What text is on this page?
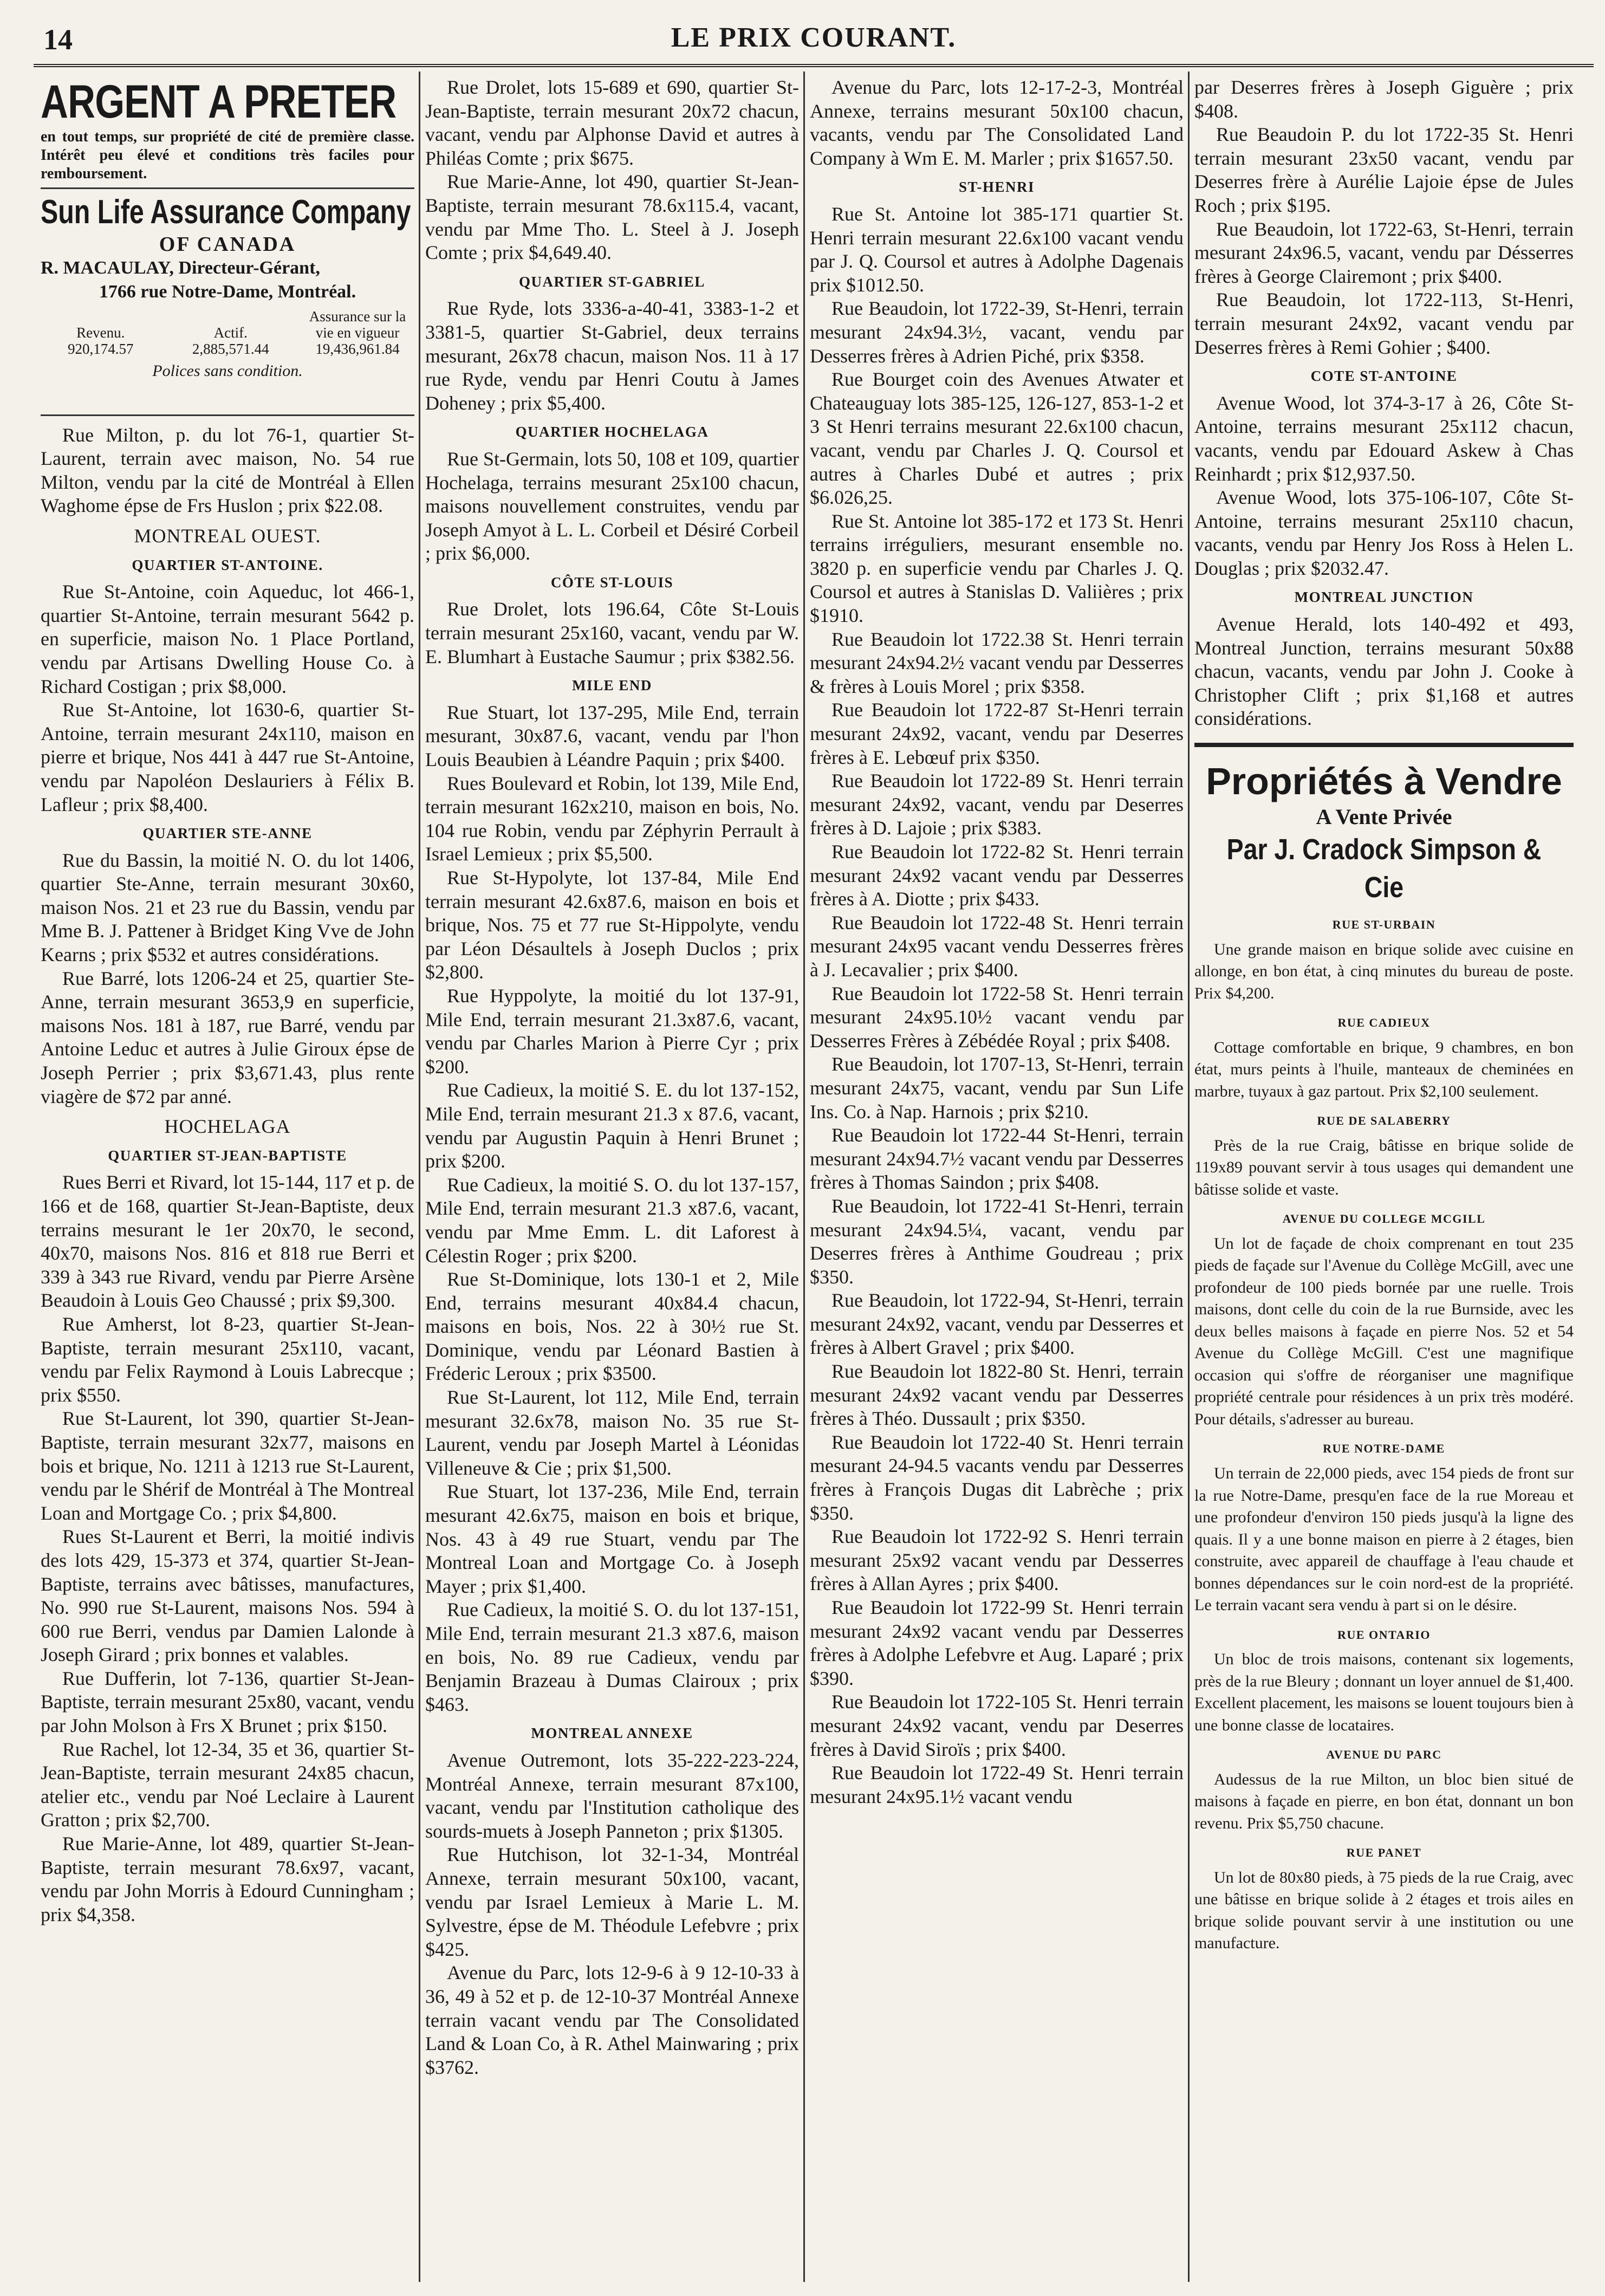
14	LE PRIX COURANT.
ARGENT A PRETER
en tout temps, sur propriété de cité de première classe. Intérêt peu élevé et conditions très faciles pour remboursement.
Sun Life Assurance Company
OF CANADA
R. MACAULAY, Directeur-Gérant,
1766 rue Notre-Dame, Montréal.
Revenu.	Actif.	Assurance sur la vie en vigueur
920,174.57	2,885,571.44	19,436,961.84
Polices sans condition.

Rue Milton, p. du lot 76-1, quartier St-Laurent, terrain avec maison, No. 54 rue Milton, vendu par la cité de Montréal à Ellen Waghome épse de Frs Huslon ; prix $22.08.

MONTREAL OUEST.
QUARTIER ST-ANTOINE.

Rue St-Antoine, coin Aqueduc, lot 466-1, quartier St-Antoine, terrain mesurant 5642 p. en superficie, maison No. 1 Place Portland, vendu par Artisans Dwelling House Co. à Richard Costigan ; prix $8,000.

Rue St-Antoine, lot 1630-6, quartier St-Antoine, terrain mesurant 24x110, maison en pierre et brique, Nos 441 à 447 rue St-Antoine, vendu par Napoléon Deslauriers à Félix B. Lafleur ; prix $8,400.

QUARTIER STE-ANNE

Rue du Bassin, la moitié N. O. du lot 1406, quartier Ste-Anne, terrain mesurant 30x60, maison Nos. 21 et 23 rue du Bassin, vendu par Mme B. J. Pattener à Bridget King Vve de John Kearns ; prix $532 et autres considérations.

Rue Barré, lots 1206-24 et 25, quartier Ste-Anne, terrain mesurant 3653,9 en superficie, maisons Nos. 181 à 187, rue Barré, vendu par Antoine Leduc et autres à Julie Giroux épse de Joseph Perrier ; prix $3,671.43, plus rente viagère de $72 par anné.

HOCHELAGA
QUARTIER ST-JEAN-BAPTISTE

Rues Berri et Rivard, lot 15-144, 117 et p. de 166 et de 168, quartier St-Jean-Baptiste, deux terrains mesurant le 1er 20x70, le second, 40x70, maisons Nos. 816 et 818 rue Berri et 339 à 343 rue Rivard, vendu par Pierre Arsène Beaudoin à Louis Geo Chaussé ; prix $9,300.

Rue Amherst, lot 8-23, quartier St-Jean-Baptiste, terrain mesurant 25x110, vacant, vendu par Felix Raymond à Louis Labrecque ; prix $550.

Rue St-Laurent, lot 390, quartier St-Jean-Baptiste, terrain mesurant 32x77, maisons en bois et brique, No. 1211 à 1213 rue St-Laurent, vendu par le Shérif de Montréal à The Montreal Loan and Mortgage Co. ; prix $4,800.

Rues St-Laurent et Berri, la moitié indivis des lots 429, 15-373 et 374, quartier St-Jean-Baptiste, terrains avec bâtisses, manufactures, No. 990 rue St-Laurent, maisons Nos. 594 à 600 rue Berri, vendus par Damien Lalonde à Joseph Girard ; prix bonnes et valables.

Rue Dufferin, lot 7-136, quartier St-Jean-Baptiste, terrain mesurant 25x80, vacant, vendu par John Molson à Frs X Brunet ; prix $150.

Rue Rachel, lot 12-34, 35 et 36, quartier St-Jean-Baptiste, terrain mesurant 24x85 chacun, atelier etc., vendu par Noé Leclaire à Laurent Gratton ; prix $2,700.

Rue Marie-Anne, lot 489, quartier St-Jean-Baptiste, terrain mesurant 78.6x97, vacant, vendu par John Morris à Edourd Cunningham ; prix $4,358.

Rue Drolet, lots 15-689 et 690, quartier St-Jean-Baptiste, terrain mesurant 20x72 chacun, vacant, vendu par Alphonse David et autres à Philéas Comte ; prix $675.

Rue Marie-Anne, lot 490, quartier St-Jean-Baptiste, terrain mesurant 78.6x115.4, vacant, vendu par Mme Tho. L. Steel à J. Joseph Comte ; prix $4,649.40.

QUARTIER ST-GABRIEL

Rue Ryde, lots 3336-a-40-41, 3383-1-2 et 3381-5, quartier St-Gabriel, deux terrains mesurant, 26x78 chacun, maison Nos. 11 à 17 rue Ryde, vendu par Henri Coutu à James Doheney ; prix $5,400.

QUARTIER HOCHELAGA

Rue St-Germain, lots 50, 108 et 109, quartier Hochelaga, terrains mesurant 25x100 chacun, maisons nouvellement construites, vendu par Joseph Amyot à L. L. Corbeil et Désiré Corbeil ; prix $6,000.

CÔTE ST-LOUIS

Rue Drolet, lots 196.64, Côte St-Louis terrain mesurant 25x160, vacant, vendu par W. E. Blumhart à Eustache Saumur ; prix $382.56.

MILE END

Rue Stuart, lot 137-295, Mile End, terrain mesurant, 30x87.6, vacant, vendu par l'hon Louis Beaubien à Léandre Paquin ; prix $400.

Rues Boulevard et Robin, lot 139, Mile End, terrain mesurant 162x210, maison en bois, No. 104 rue Robin, vendu par Zéphyrin Perrault à Israel Lemieux ; prix $5,500.

Rue St-Hypolyte, lot 137-84, Mile End terrain mesurant 42.6x87.6, maison en bois et brique, Nos. 75 et 77 rue St-Hippolyte, vendu par Léon Désaultels à Joseph Duclos ; prix $2,800.

Rue Hyppolyte, la moitié du lot 137-91, Mile End, terrain mesurant 21.3x87.6, vacant, vendu par Charles Marion à Pierre Cyr ; prix $200.

Rue Cadieux, la moitié S. E. du lot 137-152, Mile End, terrain mesurant 21.3 x 87.6, vacant, vendu par Augustin Paquin à Henri Brunet ; prix $200.

Rue Cadieux, la moitié S. O. du lot 137-157, Mile End, terrain mesurant 21.3 x87.6, vacant, vendu par Mme Emm. L. dit Laforest à Célestin Roger ; prix $200.

Rue St-Dominique, lots 130-1 et 2, Mile End, terrains mesurant 40x84.4 chacun, maisons en bois, Nos. 22 à 30½ rue St. Dominique, vendu par Léonard Bastien à Fréderic Leroux ; prix $3500.

Rue St-Laurent, lot 112, Mile End, terrain mesurant 32.6x78, maison No. 35 rue St-Laurent, vendu par Joseph Martel à Léonidas Villeneuve & Cie ; prix $1,500.

Rue Stuart, lot 137-236, Mile End, terrain mesurant 42.6x75, maison en bois et brique, Nos. 43 à 49 rue Stuart, vendu par The Montreal Loan and Mortgage Co. à Joseph Mayer ; prix $1,400.

Rue Cadieux, la moitié S. O. du lot 137-151, Mile End, terrain mesurant 21.3 x87.6, maison en bois, No. 89 rue Cadieux, vendu par Benjamin Brazeau à Dumas Clairoux ; prix $463.

MONTREAL ANNEXE

Avenue Outremont, lots 35-222-223-224, Montréal Annexe, terrain mesurant 87x100, vacant, vendu par l'Institution catholique des sourds-muets à Joseph Panneton ; prix $1305.

Rue Hutchison, lot 32-1-34, Montréal Annexe, terrain mesurant 50x100, vacant, vendu par Israel Lemieux à Marie L. M. Sylvestre, épse de M. Théodule Lefebvre ; prix $425.

Avenue du Parc, lots 12-9-6 à 9 12-10-33 à 36, 49 à 52 et p. de 12-10-37 Montréal Annexe terrain vacant vendu par The Consolidated Land & Loan Co, à R. Athel Mainwaring ; prix $3762.

Avenue du Parc, lots 12-17-2-3, Montréal Annexe, terrains mesurant 50x100 chacun, vacants, vendu par The Consolidated Land Company à Wm E. M. Marler ; prix $1657.50.

ST-HENRI

Rue St. Antoine lot 385-171 quartier St. Henri terrain mesurant 22.6x100 vacant vendu par J. Q. Coursol et autres à Adolphe Dagenais prix $1012.50.

Rue Beaudoin, lot 1722-39, St-Henri, terrain mesurant 24x94.3½, vacant, vendu par Desserres frères à Adrien Piché, prix $358.

Rue Bourget coin des Avenues Atwater et Chateauguay lots 385-125, 126-127, 853-1-2 et 3 St Henri terrains mesurant 22.6x100 chacun, vacant, vendu par Charles J. Q. Coursol et autres à Charles Dubé et autres ; prix $6.026,25.

Rue St. Antoine lot 385-172 et 173 St. Henri terrains irréguliers, mesurant ensemble no. 3820 p. en superficie vendu par Charles J. Q. Coursol et autres à Stanislas D. Valiières ; prix $1910.

Rue Beaudoin lot 1722.38 St. Henri terrain mesurant 24x94.2½ vacant vendu par Desserres & frères à Louis Morel ; prix $358.

Rue Beaudoin lot 1722-87 St-Henri terrain mesurant 24x92, vacant, vendu par Deserres frères à E. Lebœuf prix $350.

Rue Beaudoin lot 1722-89 St. Henri terrain mesurant 24x92, vacant, vendu par Deserres frères à D. Lajoie ; prix $383.

Rue Beaudoin lot 1722-82 St. Henri terrain mesurant 24x92 vacant vendu par Desserres frères à A. Diotte ; prix $433.

Rue Beaudoin lot 1722-48 St. Henri terrain mesurant 24x95 vacant vendu Desserres frères à J. Lecavalier ; prix $400.

Rue Beaudoin lot 1722-58 St. Henri terrain mesurant 24x95.10½ vacant vendu par Desserres Frères à Zébédée Royal ; prix $408.

Rue Beaudoin, lot 1707-13, St-Henri, terrain mesurant 24x75, vacant, vendu par Sun Life Ins. Co. à Nap. Harnois ; prix $210.

Rue Beaudoin lot 1722-44 St-Henri, terrain mesurant 24x94.7½ vacant vendu par Desserres frères à Thomas Saindon ; prix $408.

Rue Beaudoin, lot 1722-41 St-Henri, terrain mesurant 24x94.5¼, vacant, vendu par Deserres frères à Anthime Goudreau ; prix $350.

Rue Beaudoin, lot 1722-94, St-Henri, terrain mesurant 24x92, vacant, vendu par Desserres et frères à Albert Gravel ; prix $400.

Rue Beaudoin lot 1822-80 St. Henri, terrain mesurant 24x92 vacant vendu par Desserres frères à Théo. Dussault ; prix $350.

Rue Beaudoin lot 1722-40 St. Henri terrain mesurant 24-94.5 vacants vendu par Desserres frères à François Dugas dit Labrèche ; prix $350.

Rue Beaudoin lot 1722-92 S. Henri terrain mesurant 25x92 vacant vendu par Desserres frères à Allan Ayres ; prix $400.

Rue Beaudoin lot 1722-99 St. Henri terrain mesurant 24x92 vacant vendu par Desserres frères à Adolphe Lefebvre et Aug. Laparé ; prix $390.

Rue Beaudoin lot 1722-105 St. Henri terrain mesurant 24x92 vacant, vendu par Deserres frères à David Siroïs ; prix $400.

Rue Beaudoin lot 1722-49 St. Henri terrain mesurant 24x95.1½ vacant vendu

par Deserres frères à Joseph Giguère ; prix $408.

Rue Beaudoin P. du lot 1722-35 St. Henri terrain mesurant 23x50 vacant, vendu par Deserres frère à Aurélie Lajoie épse de Jules Roch ; prix $195.

Rue Beaudoin, lot 1722-63, St-Henri, terrain mesurant 24x96.5, vacant, vendu par Désserres frères à George Clairemont ; prix $400.

Rue Beaudoin, lot 1722-113, St-Henri, terrain mesurant 24x92, vacant vendu par Deserres frères à Remi Gohier ; $400.

COTE ST-ANTOINE

Avenue Wood, lot 374-3-17 à 26, Côte St-Antoine, terrains mesurant 25x112 chacun, vacants, vendu par Edouard Askew à Chas Reinhardt ; prix $12,937.50.

Avenue Wood, lots 375-106-107, Côte St-Antoine, terrains mesurant 25x110 chacun, vacants, vendu par Henry Jos Ross à Helen L. Douglas ; prix $2032.47.

MONTREAL JUNCTION

Avenue Herald, lots 140-492 et 493, Montreal Junction, terrains mesurant 50x88 chacun, vacants, vendu par John J. Cooke à Christopher Clift ; prix $1,168 et autres considérations.

Propriétés à Vendre
A Vente Privée
Par J. Cradock Simpson & Cie
RUE ST-URBAIN

Une grande maison en brique solide avec cuisine en allonge, en bon état, à cinq minutes du bureau de poste. Prix $4,200.

RUE CADIEUX

Cottage comfortable en brique, 9 chambres, en bon état, murs peints à l'huile, manteaux de cheminées en marbre, tuyaux à gaz partout. Prix $2,100 seulement.

RUE DE SALABERRY

Près de la rue Craig, bâtisse en brique solide de 119x89 pouvant servir à tous usages qui demandent une bâtisse solide et vaste.

AVENUE DU COLLEGE MCGILL

Un lot de façade de choix comprenant en tout 235 pieds de façade sur l'Avenue du Collège McGill, avec une profondeur de 100 pieds bornée par une ruelle. Trois maisons, dont celle du coin de la rue Burnside, avec les deux belles maisons à façade en pierre Nos. 52 et 54 Avenue du Collège McGill. C'est une magnifique occasion qui s'offre de réorganiser une magnifique propriété centrale pour résidences à un prix très modéré. Pour détails, s'adresser au bureau.

RUE NOTRE-DAME

Un terrain de 22,000 pieds, avec 154 pieds de front sur la rue Notre-Dame, presqu'en face de la rue Moreau et une profondeur d'environ 150 pieds jusqu'à la ligne des quais. Il y a une bonne maison en pierre à 2 étages, bien construite, avec appareil de chauffage à l'eau chaude et bonnes dépendances sur le coin nord-est de la propriété. Le terrain vacant sera vendu à part si on le désire.

RUE ONTARIO

Un bloc de trois maisons, contenant six logements, près de la rue Bleury ; donnant un loyer annuel de $1,400. Excellent placement, les maisons se louent toujours bien à une bonne classe de locataires.

AVENUE DU PARC

Audessus de la rue Milton, un bloc bien situé de maisons à façade en pierre, en bon état, donnant un bon revenu. Prix $5,750 chacune.

RUE PANET

Un lot de 80x80 pieds, à 75 pieds de la rue Craig, avec une bâtisse en brique solide à 2 étages et trois ailes en brique solide pouvant servir à une institution ou une manufacture.
